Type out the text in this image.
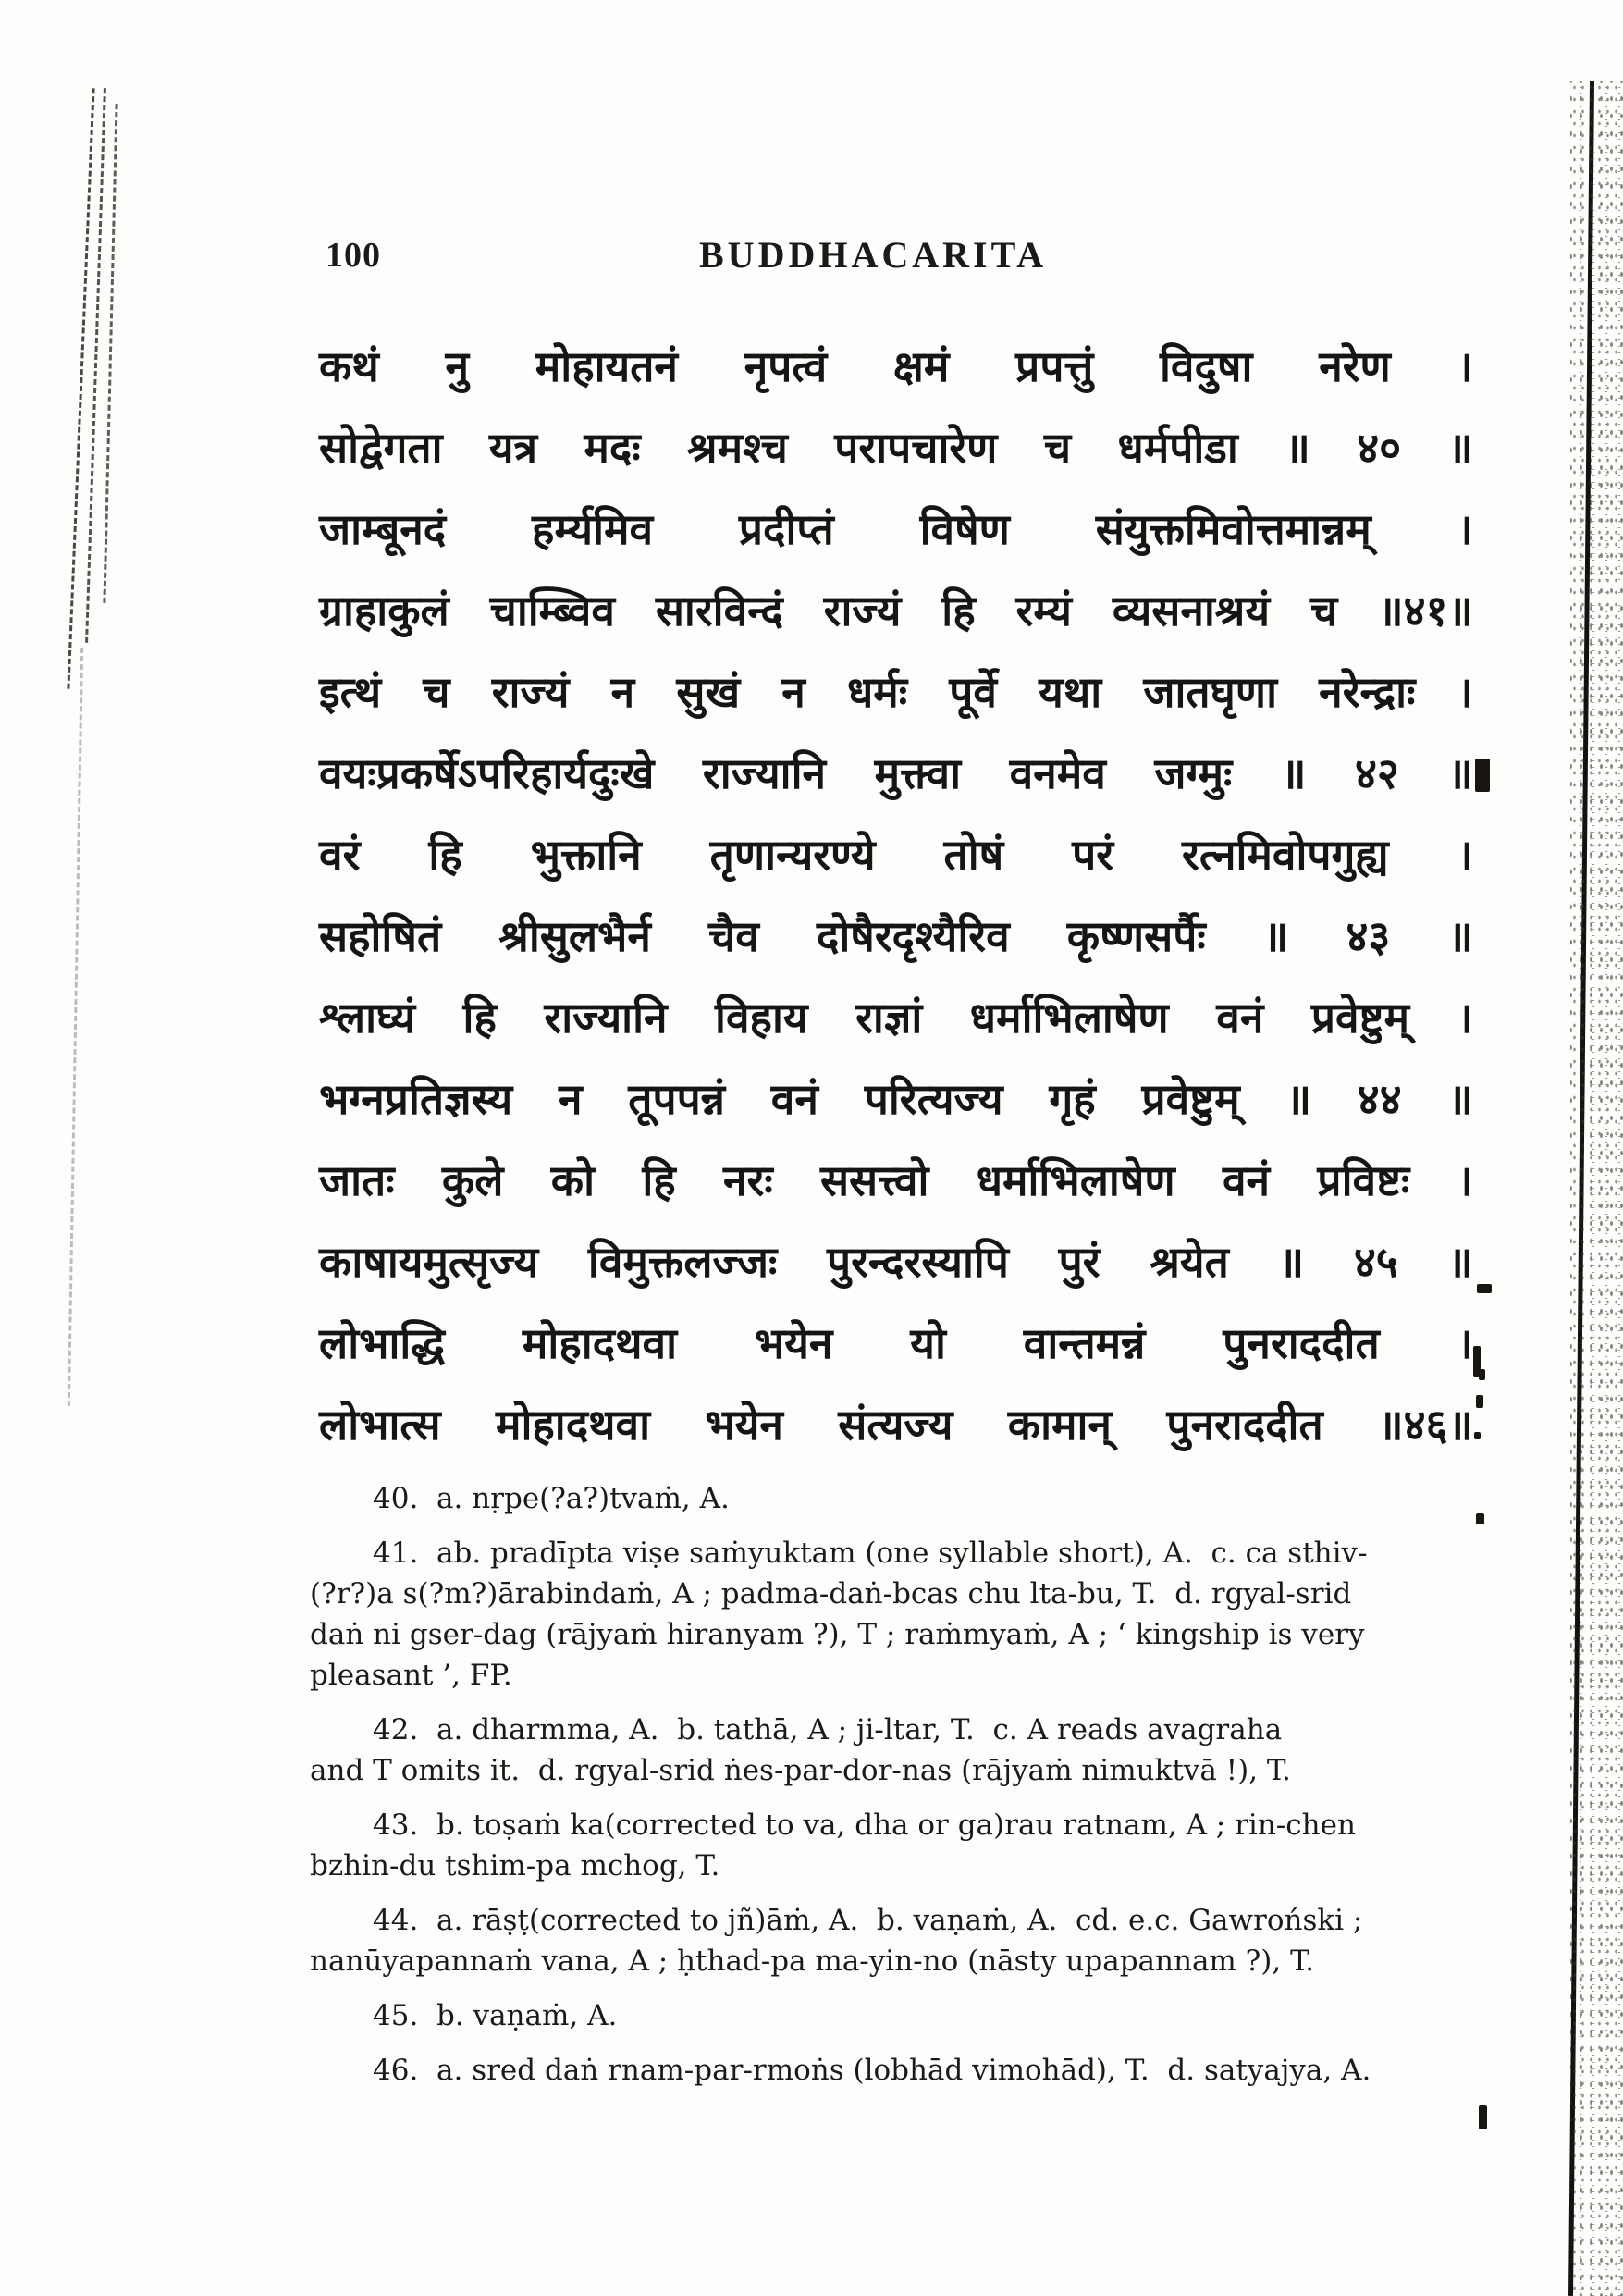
100	BUDDHACARITA
कथं नु मोहायतनं नृपत्वं क्षमं प्रपत्तुं विदुषा नरेण ।
सोद्वेगता यत्र मदः श्रमश्च परापचारेण च धर्मपीडा ॥ ४० ॥
जाम्बूनदं हर्म्यमिव प्रदीप्तं विषेण संयुक्तमिवोत्तमान्नम् ।
ग्राहाकुलं चाम्ब्विव सारविन्दं राज्यं हि रम्यं व्यसनाश्रयं च ॥४१॥
इत्थं च राज्यं न सुखं न धर्मः पूर्वे यथा जातघृणा नरेन्द्राः ।
वयःप्रकर्षेऽपरिहार्यदुःखे राज्यानि मुक्त्वा वनमेव जग्मुः ॥ ४२ ॥
वरं हि भुक्तानि तृणान्यरण्ये तोषं परं रत्नमिवोपगुह्य ।
सहोषितं श्रीसुलभैर्न चैव दोषैरदृश्यैरिव कृष्णसर्पैः ॥ ४३ ॥
श्लाघ्यं हि राज्यानि विहाय राज्ञां धर्माभिलाषेण वनं प्रवेष्टुम् ।
भग्नप्रतिज्ञस्य न तूपपन्नं वनं परित्यज्य गृहं प्रवेष्टुम् ॥ ४४ ॥
जातः कुले को हि नरः ससत्त्वो धर्माभिलाषेण वनं प्रविष्टः ।
काषायमुत्सृज्य विमुक्तलज्जः पुरन्दरस्यापि पुरं श्रयेत ॥ ४५ ॥
लोभाद्धि मोहादथवा भयेन यो वान्तमन्नं पुनराददीत ।
लोभात्स मोहादथवा भयेन संत्यज्य कामान् पुनराददीत ॥४६॥
40.  a. nṛpe(?a?)tvaṁ, A.
41.  ab. pradīpta viṣe saṁyuktam (one syllable short), A.  c. ca sthiv-
(?r?)a s(?m?)ārabindaṁ, A ; padma-daṅ-bcas chu lta-bu, T.  d. rgyal-srid
daṅ ni gser-dag (rājyaṁ hiranyam ?), T ; raṁmyaṁ, A ; ‘ kingship is very
pleasant ’, FP.
42.  a. dharmma, A.  b. tathā, A ; ji-ltar, T.  c. A reads avagraha
and T omits it.  d. rgyal-srid ṅes-par-dor-nas (rājyaṁ nimuktvā !), T.
43.  b. toṣaṁ ka(corrected to va, dha or ga)rau ratnam, A ; rin-chen
bzhin-du tshim-pa mchog, T.
44.  a. rāṣṭ(corrected to jñ)āṁ, A.  b. vaṇaṁ, A.  cd. e.c. Gawroński ;
nanūyapannaṁ vana, A ; ḥthad-pa ma-yin-no (nāsty upapannam ?), T.
45.  b. vaṇaṁ, A.
46.  a. sred daṅ rnam-par-rmoṅs (lobhād vimohād), T.  d. satyajya, A.
